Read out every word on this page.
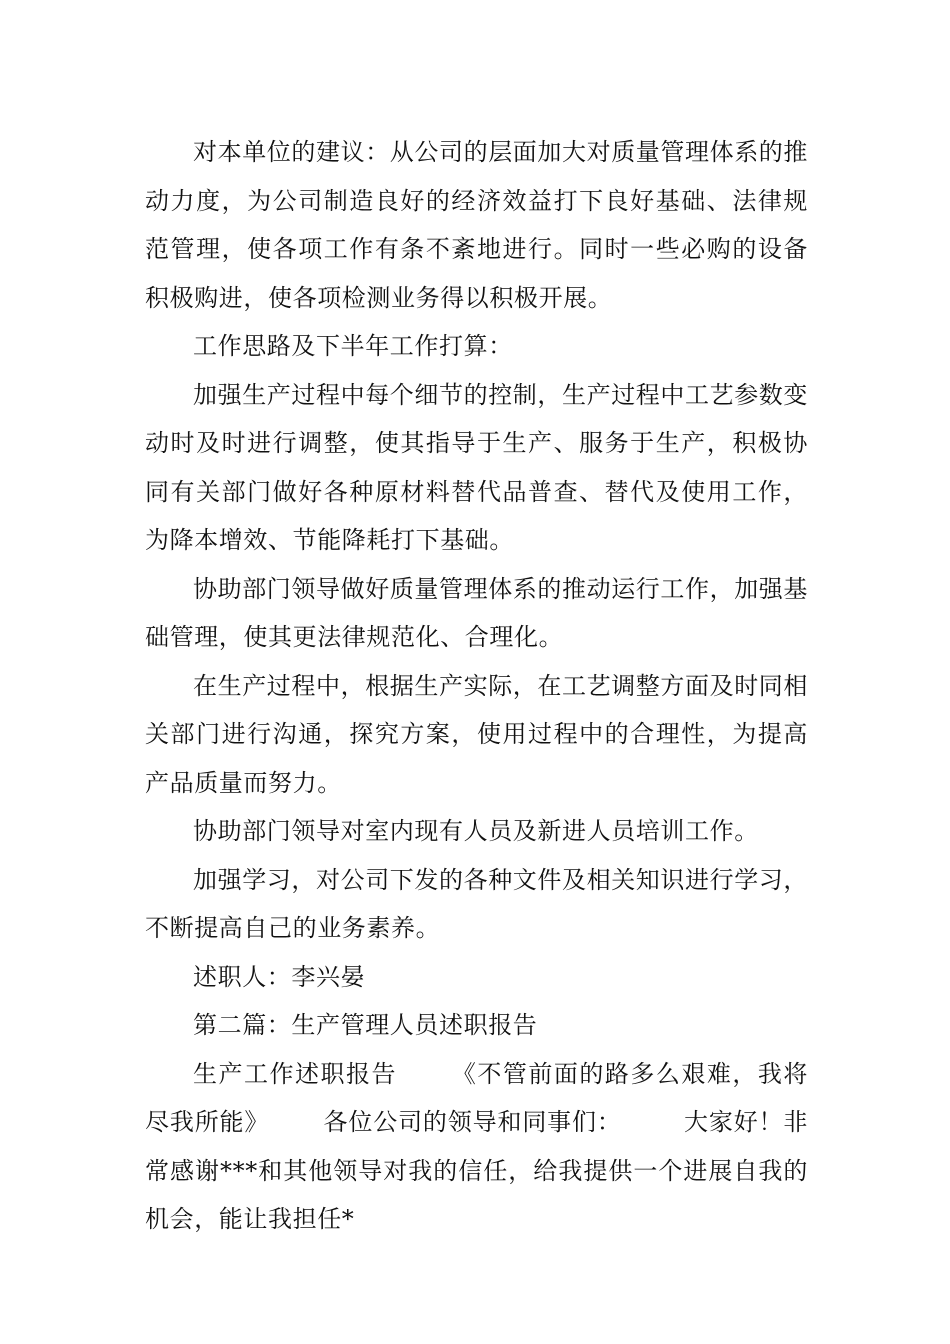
对本单位的建议：从公司的层面加大对质量管理体系的推动力度，为公司制造良好的经济效益打下良好基础、法律规范管理，使各项工作有条不紊地进行。同时一些必购的设备积极购进，使各项检测业务得以积极开展。

工作思路及下半年工作打算：

加强生产过程中每个细节的控制，生产过程中工艺参数变动时及时进行调整，使其指导于生产、服务于生产，积极协同有关部门做好各种原材料替代品普查、替代及使用工作，为降本增效、节能降耗打下基础。

协助部门领导做好质量管理体系的推动运行工作，加强基础管理，使其更法律规范化、合理化。

在生产过程中，根据生产实际，在工艺调整方面及时同相关部门进行沟通，探究方案，使用过程中的合理性，为提高产品质量而努力。

协助部门领导对室内现有人员及新进人员培训工作。

加强学习，对公司下发的各种文件及相关知识进行学习，不断提高自己的业务素养。

述职人：李兴晏

第二篇：生产管理人员述职报告

生产工作述职报告 《不管前面的路多么艰难，我将尽我所能》 各位公司的领导和同事们：	大家好！非常感谢***和其他领导对我的信任，给我提供一个进展自我的机会，能让我担任*
